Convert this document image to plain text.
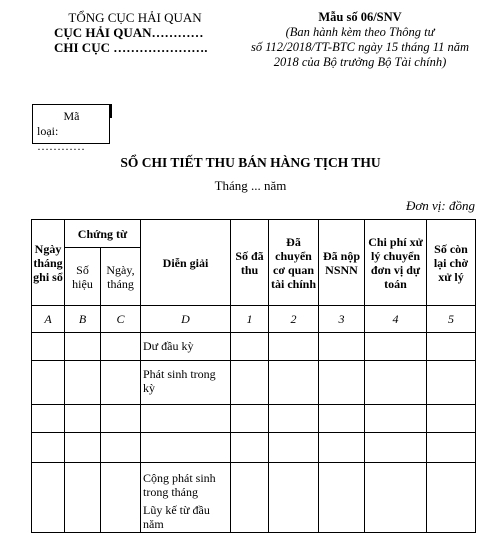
TỔNG CỤC HẢI QUAN
CỤC HẢI QUAN…………
CHI CỤC ………………….
Mẫu số 06/SNV
(Ban hành kèm theo Thông tư
số 112/2018/TT-BTC ngày 15 tháng 11 năm
2018 của Bộ trưởng Bộ Tài chính)
Mã
loại: …………
SỔ CHI TIẾT THU BÁN HÀNG TỊCH THU
Tháng ... năm
Đơn vị: đồng
Ngày tháng ghi sổ	Chứng từ		Diễn giải	Số đã thu	Đã chuyển cơ quan tài chính	Đã nộp NSNN	Chi phí xử lý chuyển đơn vị dự toán	Số còn lại chờ xử lý
	Số hiệu	Ngày, tháng						
A	B	C	D	1	2	3	4	5
			Dư đầu kỳ					
			Phát sinh trong kỳ					

			Cộng phát sinh trong tháng
Lũy kế từ đầu năm					
